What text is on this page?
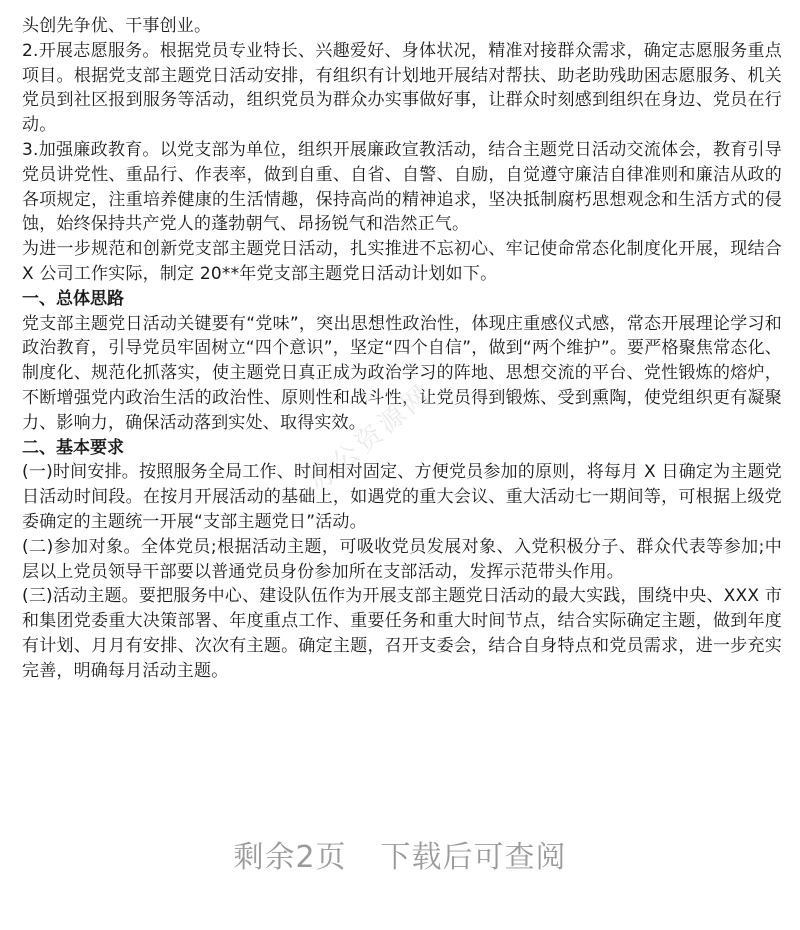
头创先争优、干事创业。

2.开展志愿服务。根据党员专业特长、兴趣爱好、身体状况，精准对接群众需求，确定志愿服务重点项目。根据党支部主题党日活动安排，有组织有计划地开展结对帮扶、助老助残助困志愿服务、机关党员到社区报到服务等活动，组织党员为群众办实事做好事，让群众时刻感到组织在身边、党员在行动。

3.加强廉政教育。以党支部为单位，组织开展廉政宣教活动，结合主题党日活动交流体会，教育引导党员讲党性、重品行、作表率，做到自重、自省、自警、自励，自觉遵守廉洁自律准则和廉洁从政的各项规定，注重培养健康的生活情趣，保持高尚的精神追求，坚决抵制腐朽思想观念和生活方式的侵蚀，始终保持共产党人的蓬勃朝气、昂扬锐气和浩然正气。

为进一步规范和创新党支部主题党日活动，扎实推进不忘初心、牢记使命常态化制度化开展，现结合 X 公司工作实际，制定 20**年党支部主题党日活动计划如下。

一、总体思路

党支部主题党日活动关键要有“党味”，突出思想性政治性，体现庄重感仪式感，常态开展理论学习和政治教育，引导党员牢固树立“四个意识”，坚定“四个自信”，做到“两个维护”。要严格聚焦常态化、制度化、规范化抓落实，使主题党日真正成为政治学习的阵地、思想交流的平台、党性锻炼的熔炉，不断增强党内政治生活的政治性、原则性和战斗性，让党员得到锻炼、受到熏陶，使党组织更有凝聚力、影响力，确保活动落到实处、取得实效。

二、基本要求

(一)时间安排。按照服务全局工作、时间相对固定、方便党员参加的原则，将每月 X 日确定为主题党日活动时间段。在按月开展活动的基础上，如遇党的重大会议、重大活动七一期间等，可根据上级党委确定的主题统一开展“支部主题党日”活动。

(二)参加对象。全体党员;根据活动主题，可吸收党员发展对象、入党积极分子、群众代表等参加;中层以上党员领导干部要以普通党员身份参加所在支部活动，发挥示范带头作用。

(三)活动主题。要把服务中心、建设队伍作为开展支部主题党日活动的最大实践，围绕中央、XXX 市和集团党委重大决策部署、年度重点工作、重要任务和重大时间节点，结合实际确定主题，做到年度有计划、月月有安排、次次有主题。确定主题，召开支委会，结合自身特点和党员需求，进一步充实完善，明确每月活动主题。

办公资源网
剩余2页 下载后可查阅
